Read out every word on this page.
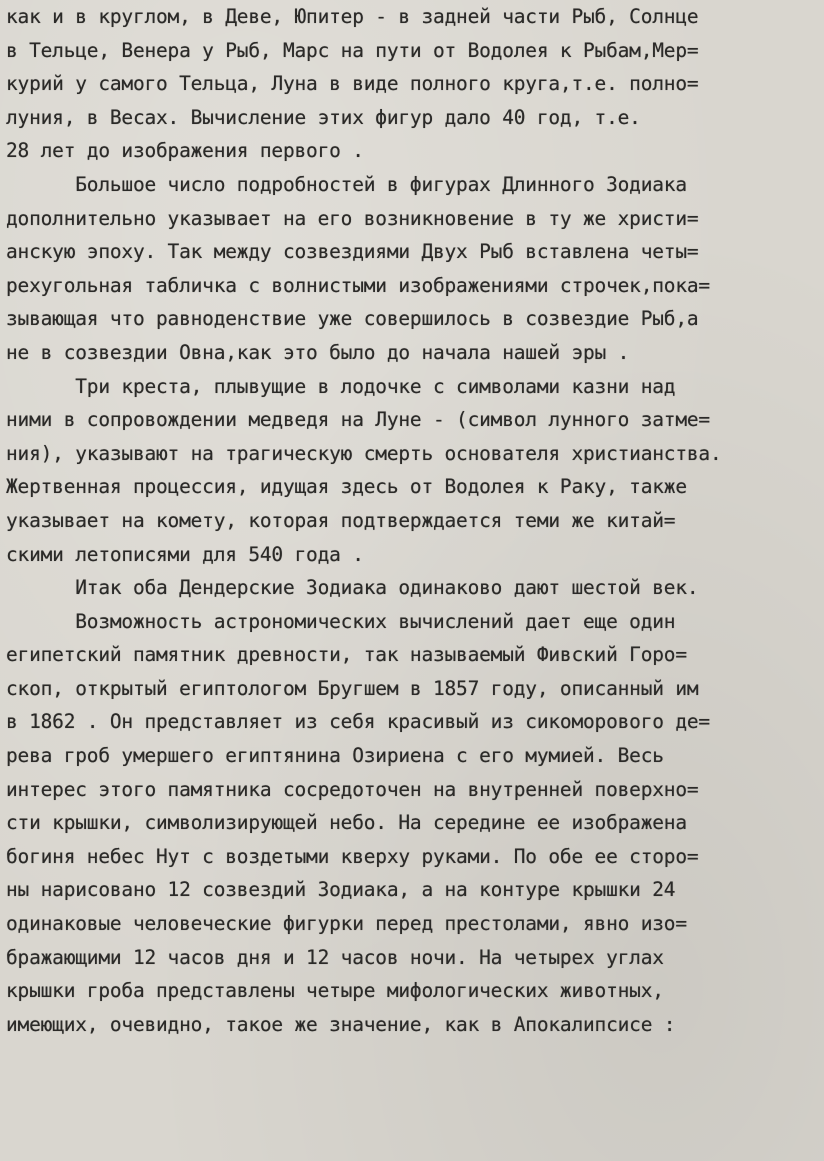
как и в круглом, в Деве, Юпитер - в задней части Рыб, Солнце
в Тельце, Венера у Рыб, Марс на пути от Водолея к Рыбам,Мер=
курий у самого Тельца, Луна в виде полного круга,т.е. полно=
луния, в Весах. Вычисление этих фигур дало 40 год, т.е.
28 лет до изображения первого .
Большое число подробностей в фигурах Длинного Зодиака
дополнительно указывает на его возникновение в ту же христи=
анскую эпоху. Так между созвездиями Двух Рыб вставлена четы=
рехугольная табличка с волнистыми изображениями строчек,пока=
зывающая что равноденствие уже совершилось в созвездие Рыб,а
не в созвездии Овна,как это было до начала нашей эры .
Три креста, плывущие в лодочке с символами казни над
ними в сопровождении медведя на Луне - (символ лунного затме=
ния), указывают на трагическую смерть основателя христианства.
Жертвенная процессия, идущая здесь от Водолея к Раку, также
указывает на комету, которая подтверждается теми же китай=
скими летописями для 540 года .
Итак оба Дендерские Зодиака одинаково дают шестой век.
Возможность астрономических вычислений дает еще один
египетский памятник древности, так называемый Фивский Горо=
скоп, открытый египтологом Бругшем в 1857 году, описанный им
в 1862 . Он представляет из себя красивый из сикоморового де=
рева гроб умершего египтянина Озириена с его мумией. Весь
интерес этого памятника сосредоточен на внутренней поверхно=
сти крышки, символизирующей небо. На середине ее изображена
богиня небес Нут с воздетыми кверху руками. По обе ее сторо=
ны нарисовано 12 созвездий Зодиака, а на контуре крышки 24
одинаковые человеческие фигурки перед престолами, явно изо=
бражающими 12 часов дня и 12 часов ночи. На четырех углах
крышки гроба представлены четыре мифологических животных,
имеющих, очевидно, такое же значение, как в Апокалипсисе :
